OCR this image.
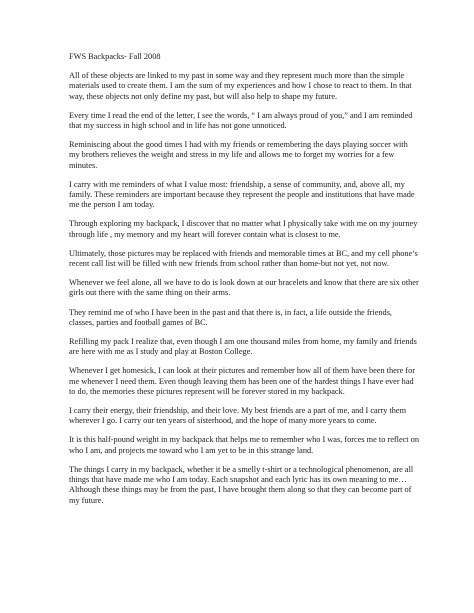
FWS Backpacks- Fall 2008

All of these objects are linked to my past in some way and they represent much more than the simple materials used to create them. I am the sum of my experiences and how I chose to react to them. In that way, these objects not only define my past, but will also help to shape my future.

Every time I read the end of the letter, I see the words, “ I am always proud of you,” and I am reminded that my success in high school and in life has not gone unnoticed.

Reminiscing about the good times I had with my friends or remembering the days playing soccer with my brothers relieves the weight and stress in my life and allows me to forget my worries for a few minutes.

I carry with me reminders of what I value most: friendship, a sense of community, and, above all, my family. These reminders are important because they represent the people and institutions that have made me the person I am today.

Through exploring my backpack, I discover that no matter what I physically take with me on my journey through life , my memory and my heart will forever contain what is closest to me.

Ultimately, those pictures may be replaced with friends and memorable times at BC, and my cell phone’s recent call list will be filled with new friends from school rather than home-but not yet, not now.

Whenever we feel alone, all we have to do is look down at our bracelets and know that there are six other girls out there with the same thing on their arms.

They remind me of who I have been in the past and that there is, in fact, a life outside the friends, classes, parties and football games of BC.

Refilling my pack I realize that, even though I am one thousand miles from home, my family and friends are here with me as I study and play at Boston College.

Whenever I get homesick, I can look at their pictures and remember how all of them have been there for me whenever I need them. Even though leaving them has been one of the hardest things I have ever had to do, the memories these pictures represent will be forever stored in my backpack.

I carry their energy, their friendship, and their love. My best friends are a part of me, and I carry them wherever I go. I carry our ten years of sisterhood, and the hope of many more years to come.

It is this half-pound weight in my backpack that helps me to remember who I was, forces me to reflect on who I am, and projects me toward who I am yet to be in this strange land.

The things I carry in my backpack, whether it be a smelly t-shirt or a technological phenomenon, are all things that have made me who I am today. Each snapshot and each lyric has its own meaning to me…Although these things may be from the past, I have brought them along so that they can become part of my future.
